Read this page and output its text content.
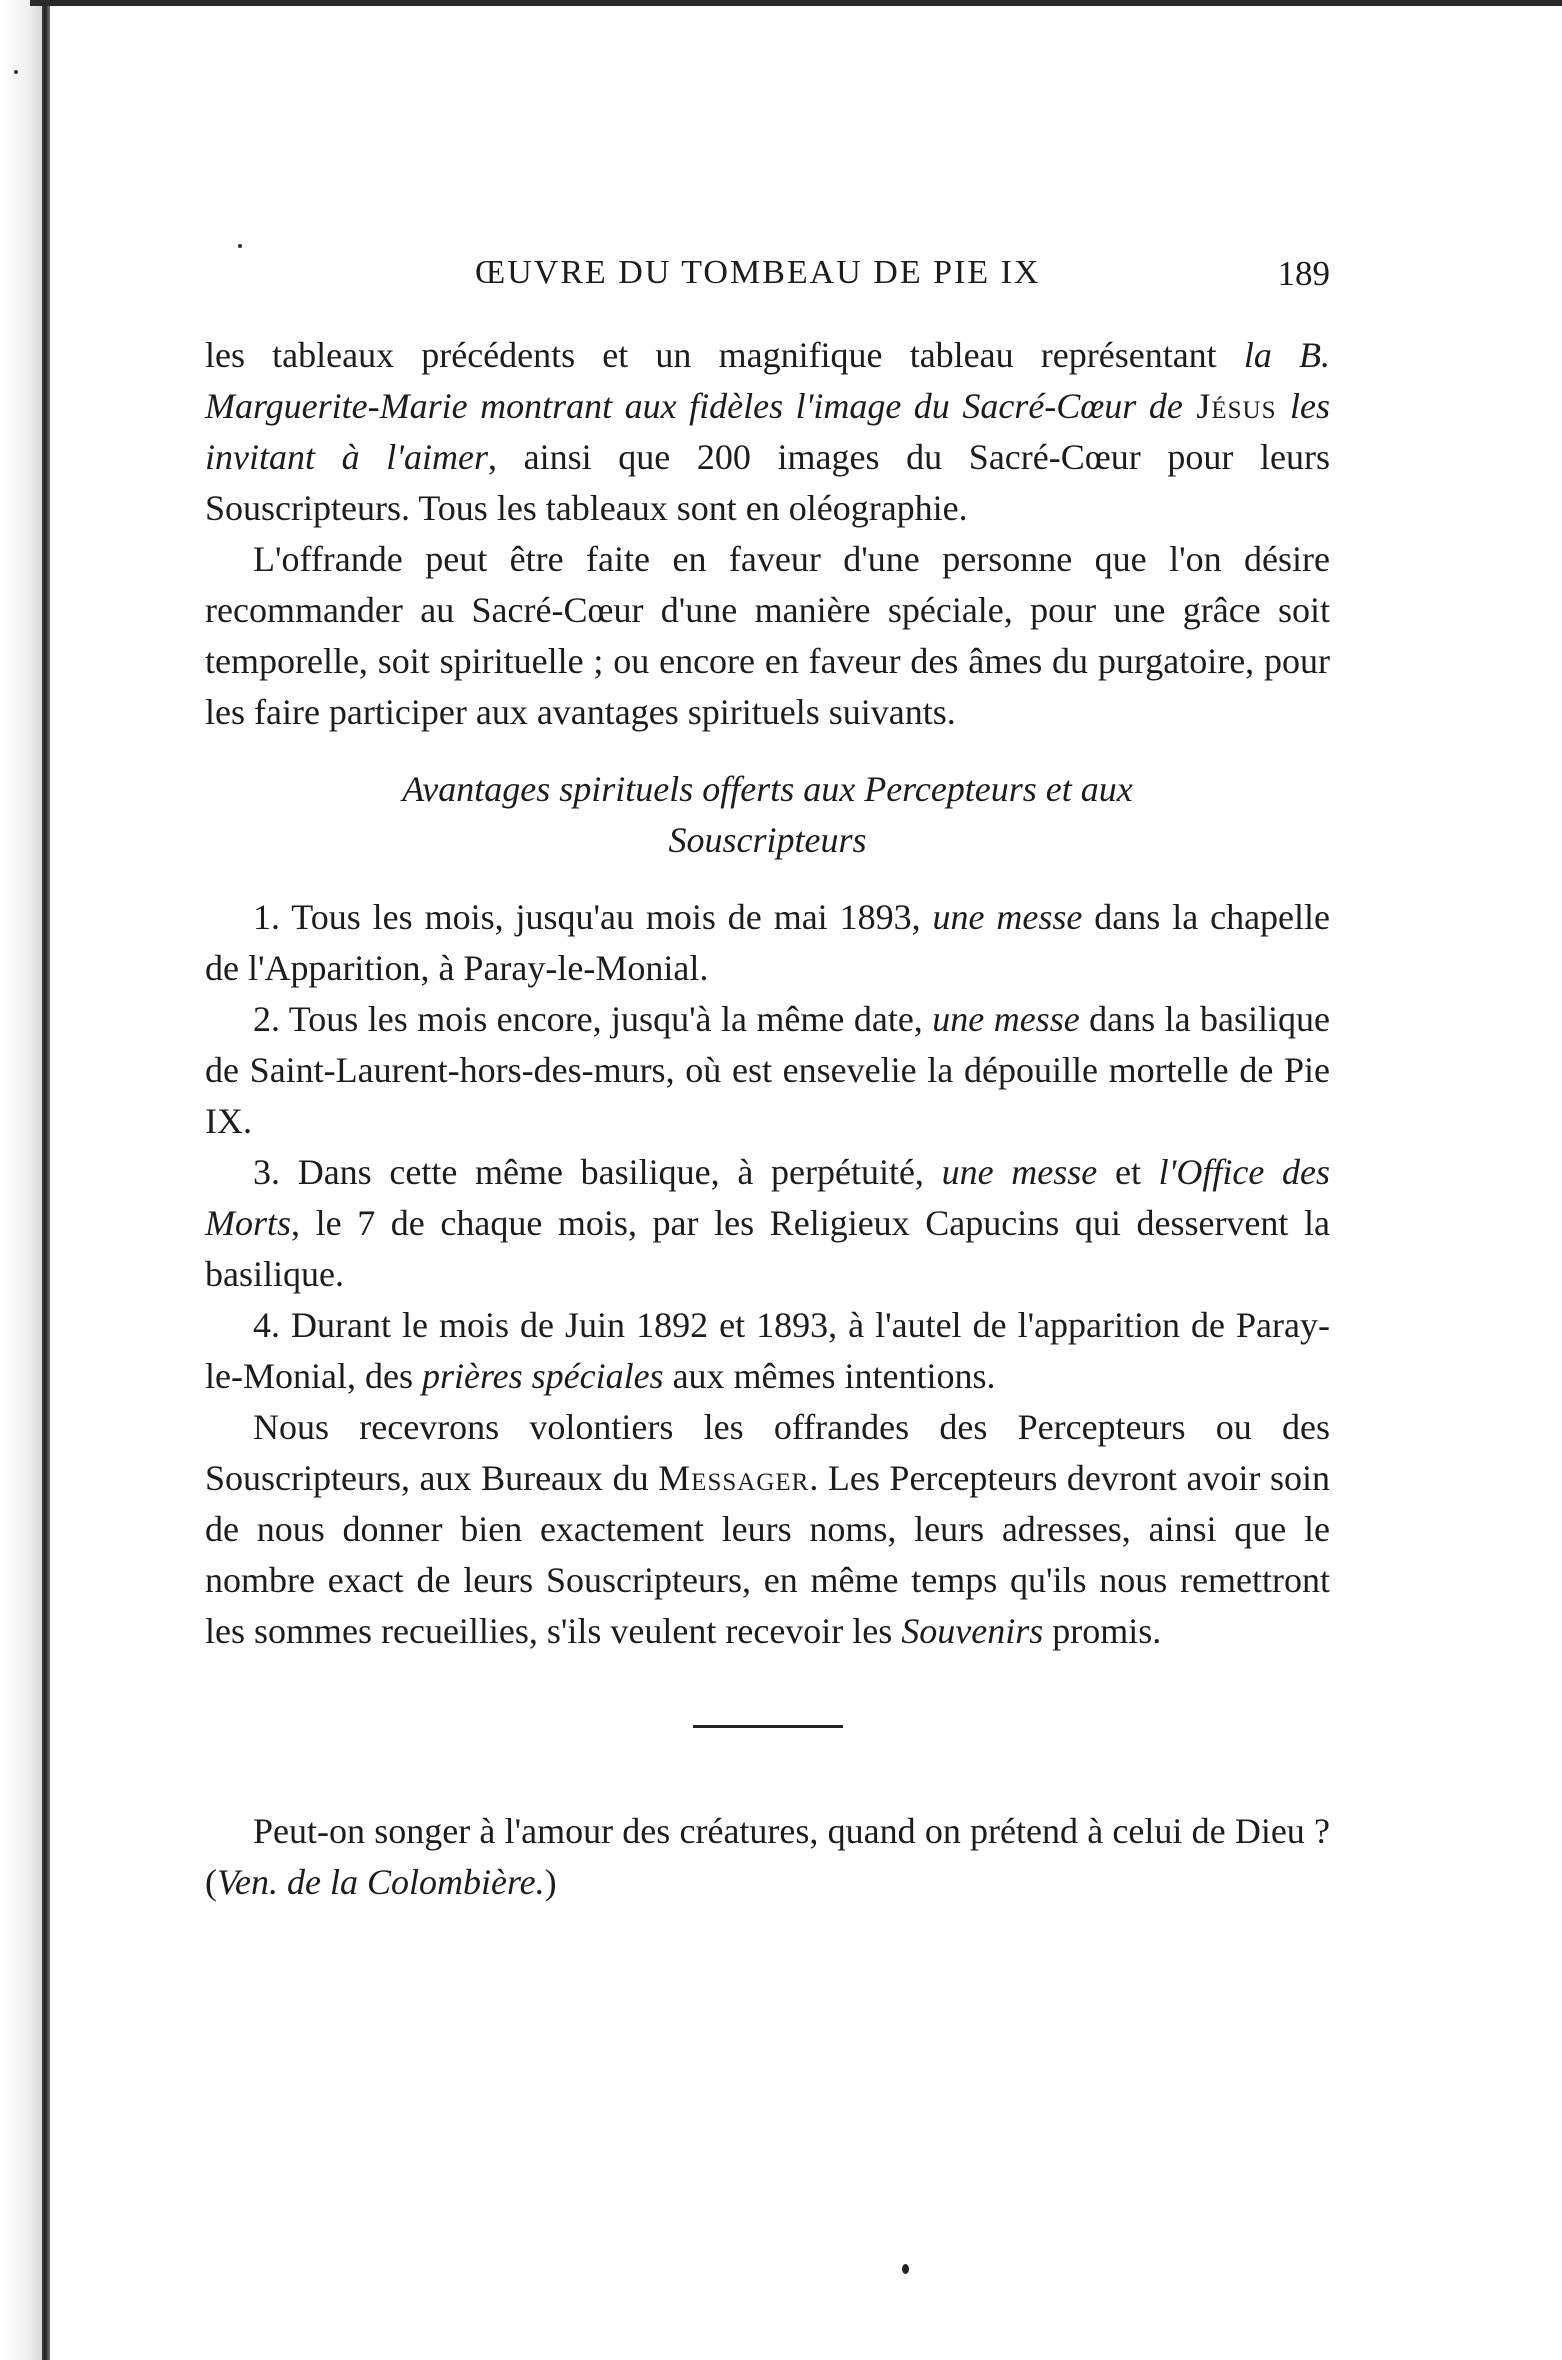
ŒUVRE DU TOMBEAU DE PIE IX	189

les tableaux précédents et un magnifique tableau représentant la B. Marguerite-Marie montrant aux fidèles l'image du Sacré-Cœur de Jésus les invitant à l'aimer, ainsi que 200 images du Sacré-Cœur pour leurs Souscripteurs. Tous les tableaux sont en oléographie.

L'offrande peut être faite en faveur d'une personne que l'on désire recommander au Sacré-Cœur d'une manière spéciale, pour une grâce soit temporelle, soit spirituelle ; ou encore en faveur des âmes du purgatoire, pour les faire participer aux avantages spirituels suivants.

Avantages spirituels offerts aux Percepteurs et aux
Souscripteurs

1. Tous les mois, jusqu'au mois de mai 1893, une messe dans la chapelle de l'Apparition, à Paray-le-Monial.

2. Tous les mois encore, jusqu'à la même date, une messe dans la basilique de Saint-Laurent-hors-des-murs, où est ensevelie la dépouille mortelle de Pie IX.

3. Dans cette même basilique, à perpétuité, une messe et l'Office des Morts, le 7 de chaque mois, par les Religieux Capucins qui desservent la basilique.

4. Durant le mois de Juin 1892 et 1893, à l'autel de l'apparition de Paray-le-Monial, des prières spéciales aux mêmes intentions.

Nous recevrons volontiers les offrandes des Percepteurs ou des Souscripteurs, aux Bureaux du Messager. Les Percepteurs devront avoir soin de nous donner bien exactement leurs noms, leurs adresses, ainsi que le nombre exact de leurs Souscripteurs, en même temps qu'ils nous remettront les sommes recueillies, s'ils veulent recevoir les Souvenirs promis.

Peut-on songer à l'amour des créatures, quand on prétend à celui de Dieu ? (Ven. de la Colombière.)
